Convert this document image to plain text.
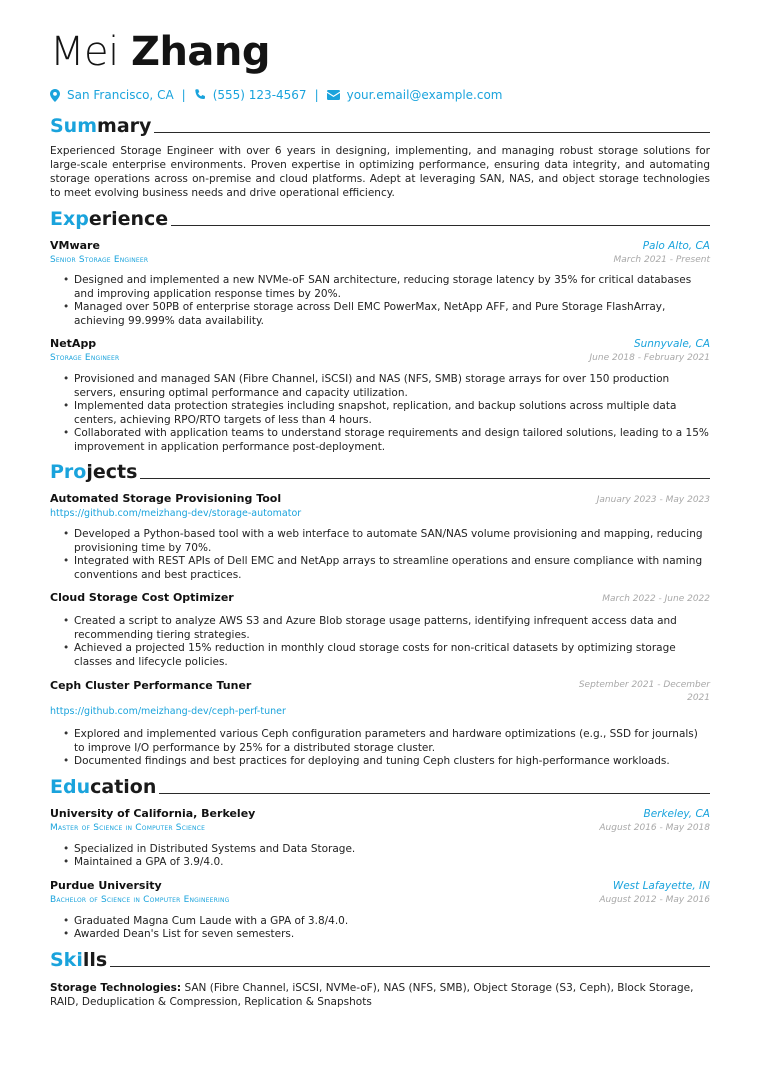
Mei Zhang
San Francisco, CA | (555) 123-4567 | your.email@example.com
Summary

Experienced Storage Engineer with over 6 years in designing, implementing, and managing robust storage solutions for large-scale enterprise environments. Proven expertise in optimizing performance, ensuring data integrity, and automating storage operations across on-premise and cloud platforms. Adept at leveraging SAN, NAS, and object storage technologies to meet evolving business needs and drive operational efficiency.

Experience
VMware	Palo Alto, CA
Senior Storage Engineer	March 2021 - Present
• Designed and implemented a new NVMe-oF SAN architecture, reducing storage latency by 35% for critical databases and improving application response times by 20%.
• Managed over 50PB of enterprise storage across Dell EMC PowerMax, NetApp AFF, and Pure Storage FlashArray, achieving 99.999% data availability.
NetApp	Sunnyvale, CA
Storage Engineer	June 2018 - February 2021
• Provisioned and managed SAN (Fibre Channel, iSCSI) and NAS (NFS, SMB) storage arrays for over 150 production servers, ensuring optimal performance and capacity utilization.
• Implemented data protection strategies including snapshot, replication, and backup solutions across multiple data centers, achieving RPO/RTO targets of less than 4 hours.
• Collaborated with application teams to understand storage requirements and design tailored solutions, leading to a 15% improvement in application performance post-deployment.
Projects
Automated Storage Provisioning Tool	January 2023 - May 2023
https://github.com/meizhang-dev/storage-automator
• Developed a Python-based tool with a web interface to automate SAN/NAS volume provisioning and mapping, reducing provisioning time by 70%.
• Integrated with REST APIs of Dell EMC and NetApp arrays to streamline operations and ensure compliance with naming conventions and best practices.
Cloud Storage Cost Optimizer	March 2022 - June 2022
• Created a script to analyze AWS S3 and Azure Blob storage usage patterns, identifying infrequent access data and recommending tiering strategies.
• Achieved a projected 15% reduction in monthly cloud storage costs for non-critical datasets by optimizing storage classes and lifecycle policies.
Ceph Cluster Performance Tuner	September 2021 - December
2021
https://github.com/meizhang-dev/ceph-perf-tuner
• Explored and implemented various Ceph configuration parameters and hardware optimizations (e.g., SSD for journals) to improve I/O performance by 25% for a distributed storage cluster.
• Documented findings and best practices for deploying and tuning Ceph clusters for high-performance workloads.
Education
University of California, Berkeley	Berkeley, CA
Master of Science in Computer Science	August 2016 - May 2018
• Specialized in Distributed Systems and Data Storage.
• Maintained a GPA of 3.9/4.0.
Purdue University	West Lafayette, IN
Bachelor of Science in Computer Engineering	August 2012 - May 2016
• Graduated Magna Cum Laude with a GPA of 3.8/4.0.
• Awarded Dean's List for seven semesters.
Skills

Storage Technologies: SAN (Fibre Channel, iSCSI, NVMe-oF), NAS (NFS, SMB), Object Storage (S3, Ceph), Block Storage, RAID, Deduplication & Compression, Replication & Snapshots
